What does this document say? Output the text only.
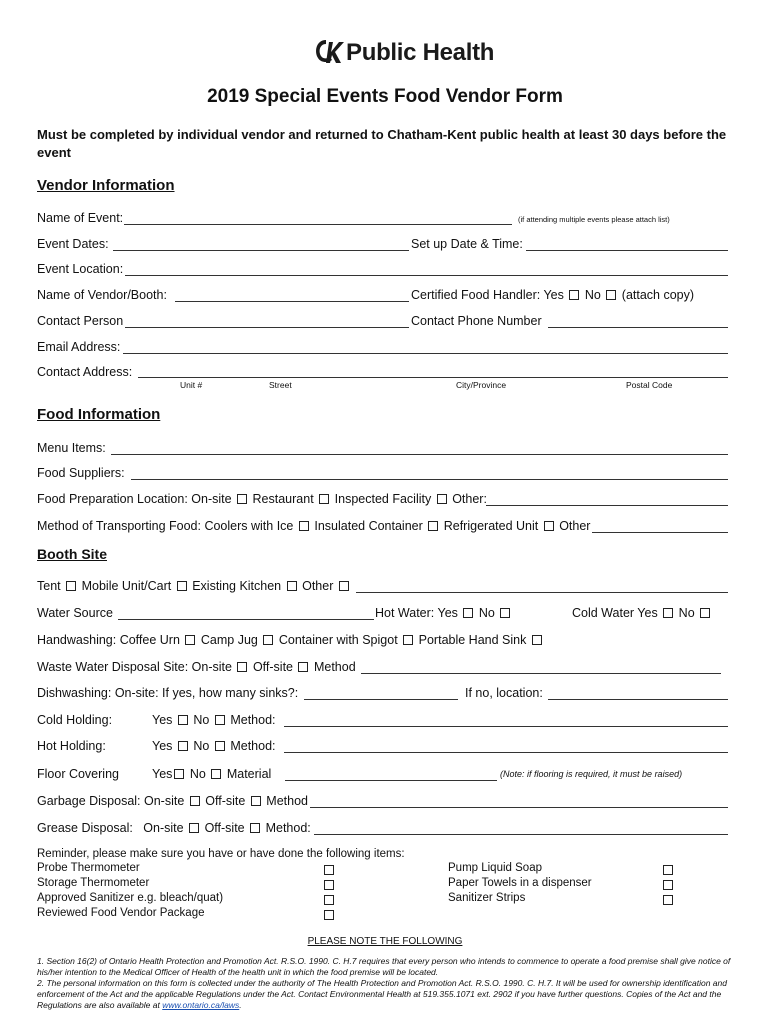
Public Health
2019 Special Events Food Vendor Form
Must be completed by individual vendor and returned to Chatham-Kent public health at least 30 days before the event
Vendor Information
Name of Event:	(if attending multiple events please attach list)
Event Dates:	Set up Date & Time:
Event Location:
Name of Vendor/Booth:	Certified Food Handler: Yes No (attach copy)
Contact Person	Contact Phone Number
Email Address:
Contact Address:
Unit #	Street	City/Province	Postal Code
Food Information
Menu Items:
Food Suppliers:
Food Preparation Location: On-site Restaurant Inspected Facility Other:
Method of Transporting Food: Coolers with Ice Insulated Container Refrigerated Unit Other
Booth Site
Tent Mobile Unit/Cart Existing Kitchen Other
Water Source	Hot Water: Yes No	Cold Water Yes No
Handwashing: Coffee Urn Camp Jug Container with Spigot Portable Hand Sink
Waste Water Disposal Site: On-site Off-site Method
Dishwashing: On-site: If yes, how many sinks?:	If no, location:
Cold Holding:	Yes No Method:
Hot Holding:	Yes No Method:
Floor Covering	Yes No Material	(Note: if flooring is required, it must be raised)
Garbage Disposal: On-site Off-site Method
Grease Disposal: On-site Off-site Method:
Reminder, please make sure you have or have done the following items:
Probe Thermometer
Storage Thermometer
Approved Sanitizer e.g. bleach/quat)
Reviewed Food Vendor Package
Pump Liquid Soap
Paper Towels in a dispenser
Sanitizer Strips
PLEASE NOTE THE FOLLOWING
1. Section 16(2) of Ontario Health Protection and Promotion Act. R.S.O. 1990. C. H.7 requires that every person who intends to commence to operate a food premise shall give notice of his/her intention to the Medical Officer of Health of the health unit in which the food premise will be located.
2. The personal information on this form is collected under the authority of The Health Protection and Promotion Act. R.S.O. 1990. C. H.7. It will be used for ownership identification and enforcement of the Act and the applicable Regulations under the Act. Contact Environmental Health at 519.355.1071 ext. 2902 if you have further questions. Copies of the Act and the Regulations are also available at www.ontario.ca/laws.
